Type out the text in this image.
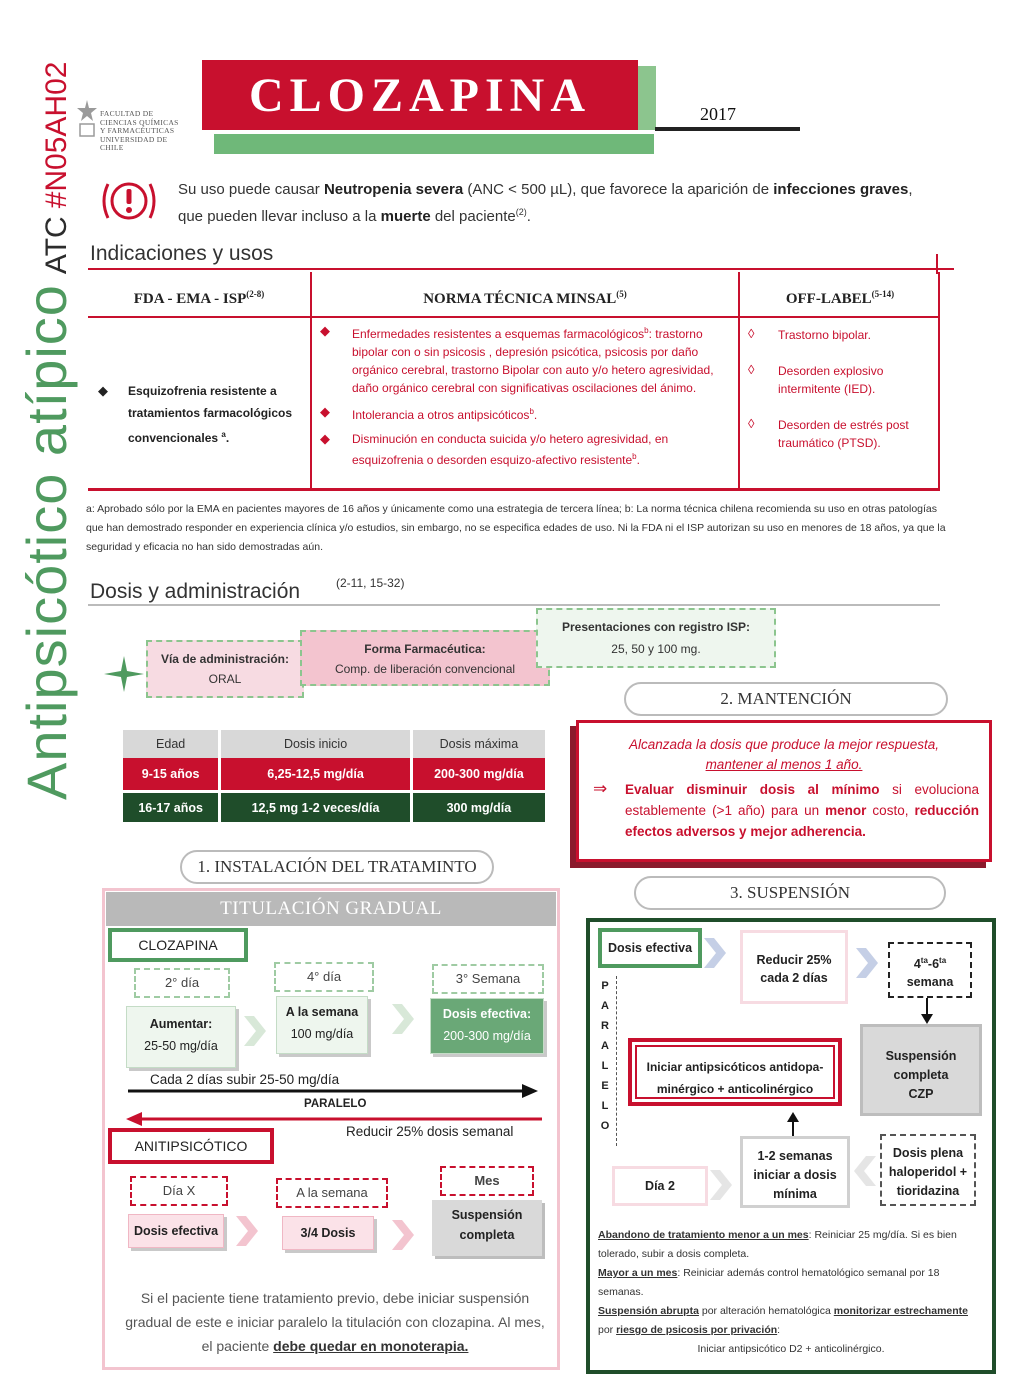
Antipsicótico atípicoATC#N05AH02	FACULTAD DE
CIENCIAS QUÍMICAS
Y FARMACÉUTICAS
UNIVERSIDAD DE CHILE
CLOZAPINA	2017
Su uso puede causar Neutropenia severa (ANC < 500 µL), que favorece la aparición de infecciones graves, que pueden llevar incluso a la muerte del paciente$^{(2)}$.
Indicaciones y usos
FDA - EMA - ISP$^{(2-8)}$
◆ Esquizofrenia resistente a tratamientos farmacológicos convencionales $^a$.
NORMA TÉCNICA MINSAL$^{(5)}$
◆ Enfermedades resistentes a esquemas farmacológicos$^b$: trastorno bipolar con o sin psicosis , depresión psicótica, psicosis por daño orgánico cerebral, trastorno Bipolar con auto y/o hetero agresividad, daño orgánico cerebral con significativas oscilaciones del ánimo.
◆ Intolerancia a otros antipsicóticos$^b$.
◆ Disminución en conducta suicida y/o hetero agresividad, en esquizofrenia o desorden esquizo-afectivo resistente$^b$.
OFF-LABEL$^{(5-14)}$
◊ Trastorno bipolar.
◊ Desorden explosivo intermitente (IED).
◊ Desorden de estrés post traumático (PTSD).
a: Aprobado sólo por la EMA en pacientes mayores de 16 años y únicamente como una estrategia de tercera línea; b: La norma técnica chilena recomienda su uso en otras patologías que han demostrado responder en experiencia clínica y/o estudios, sin embargo, no se especifica edades de uso. Ni la FDA ni el ISP autorizan su uso en menores de 18 años, ya que la seguridad y eficacia no han sido demostradas aún.
Dosis y administración	(2-11, 15-32)
Vía de administración:
ORAL
Forma Farmacéutica:
Comp. de liberación convencional
Presentaciones con registro ISP:
25, 50 y 100 mg.
Edad	Dosis inicio	Dosis máxima
9-15 años	6,25-12,5 mg/día	200-300 mg/día
16-17 años	12,5 mg 1-2 veces/día	300 mg/día
2. MANTENCIÓN
Alcanzada la dosis que produce la mejor respuesta,
mantener al menos 1 año.
⇒ Evaluar disminuir dosis al mínimo si evoluciona establemente (>1 año) para un menor costo, reducción efectos adversos y mejor adherencia.
1. INSTALACIÓN DEL TRATAMINTO
TITULACIÓN GRADUAL
CLOZAPINA
2° día	4° día	3° Semana
Aumentar:
25-50 mg/día
A la semana
100 mg/día
Dosis efectiva:
200-300 mg/día
Cada 2 días subir 25-50 mg/día
PARALELO
Reducir 25% dosis semanal
ANITIPSICÓTICO
Día X	A la semana
Mes
Dosis efectiva	3/4 Dosis
Suspensión
completa
Si el paciente tiene tratamiento previo, debe iniciar suspensión gradual de este e iniciar paralelo la titulación con clozapina. Al mes, el paciente debe quedar en monoterapia.
3. SUSPENSIÓN
Dosis efectiva
Reducir 25%
cada 2 días
$4^{ta}-6^{ta}$
semana
Suspensión
completa
CZP
P
A
R
A
L
E
L
O
Iniciar antipsicóticos antidopa-
minérgico + anticolinérgico
Día 2
1-2 semanas
iniciar a dosis
mínima
Dosis plena
haloperidol +
tioridazina
Abandono de tratamiento menor a un mes: Reiniciar 25 mg/día. Si es bien tolerado, subir a dosis completa.
Mayor a un mes: Reiniciar además control hematológico semanal por 18 semanas.
Suspensión abrupta por alteración hematológica monitorizar estrechamente por riesgo de psicosis por privación:
Iniciar antipsicótico D2 + anticolinérgico.
